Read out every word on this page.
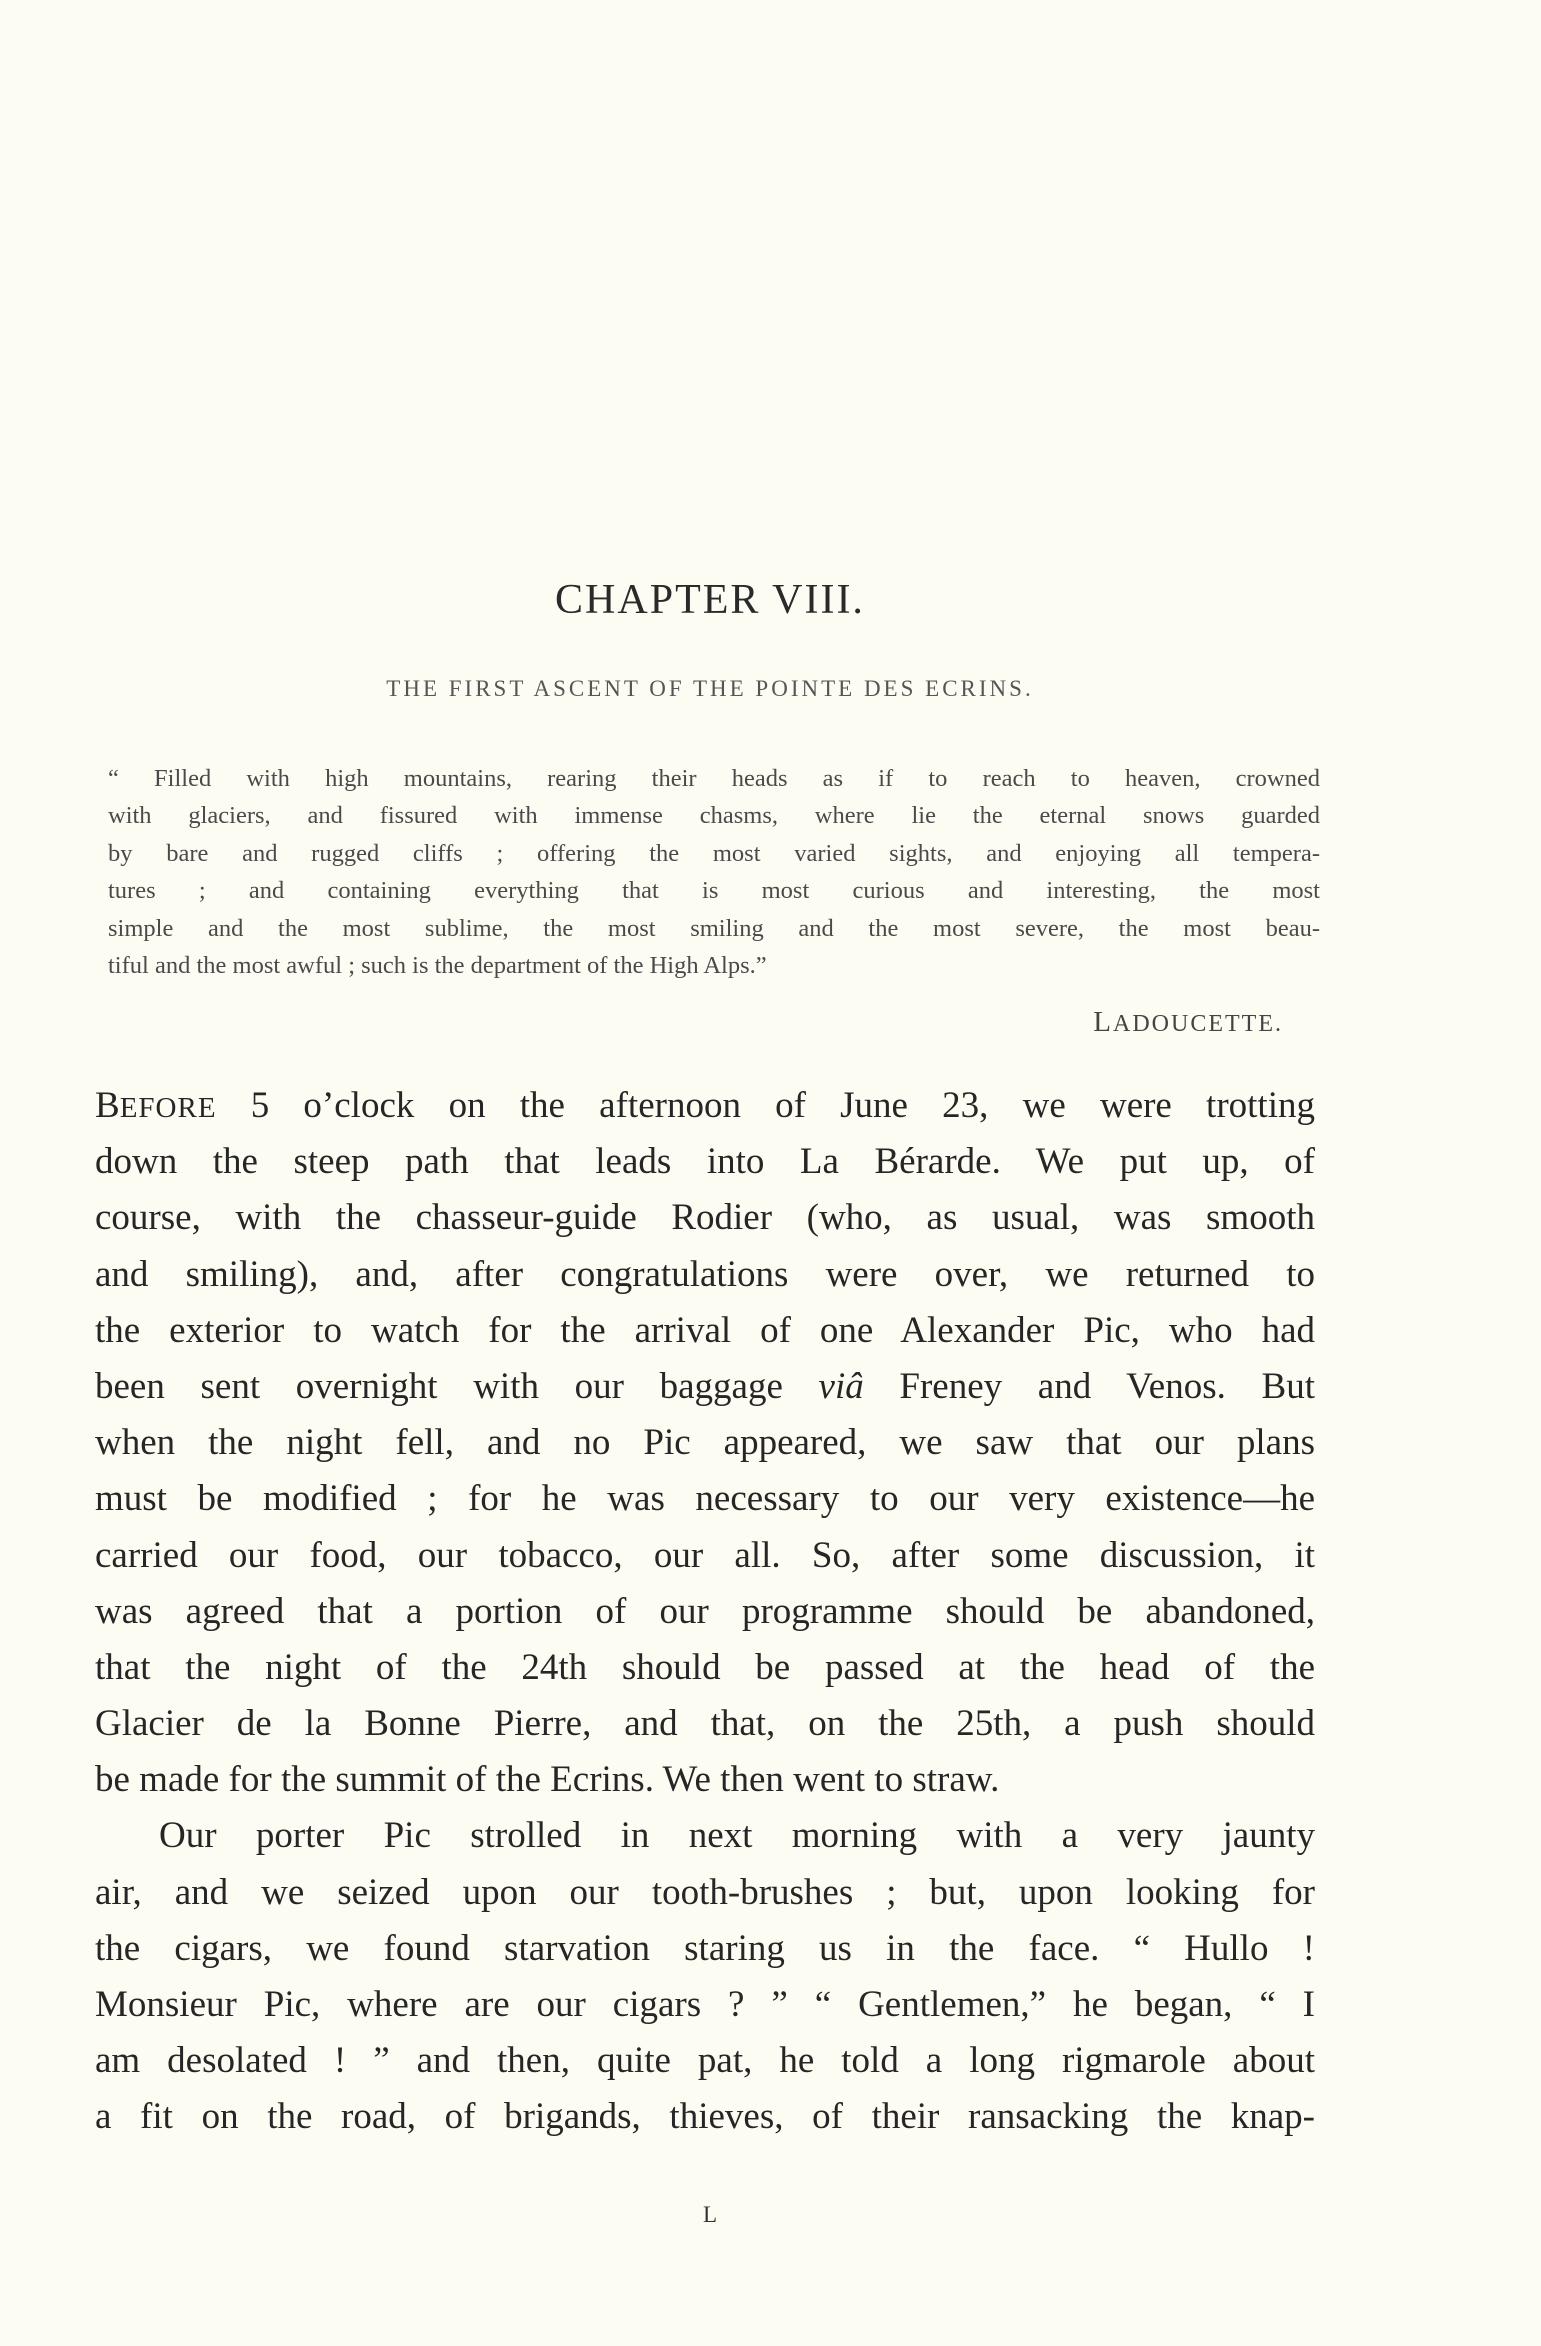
CHAPTER VIII.
THE FIRST ASCENT OF THE POINTE DES ECRINS.
“ Filled with high mountains, rearing their heads as if to reach to heaven, crowned
with glaciers, and fissured with immense chasms, where lie the eternal snows guarded
by bare and rugged cliffs ; offering the most varied sights, and enjoying all tempera-
tures ; and containing everything that is most curious and interesting, the most
simple and the most sublime, the most smiling and the most severe, the most beau-
tiful and the most awful ; such is the department of the High Alps.”
LADOUCETTE.
BEFORE 5 o’clock on the afternoon of June 23, we were trotting
down the steep path that leads into La Bérarde. We put up, of
course, with the chasseur-guide Rodier (who, as usual, was smooth
and smiling), and, after congratulations were over, we returned to
the exterior to watch for the arrival of one Alexander Pic, who had
been sent overnight with our baggage viâ Freney and Venos. But
when the night fell, and no Pic appeared, we saw that our plans
must be modified ; for he was necessary to our very existence—he
carried our food, our tobacco, our all. So, after some discussion, it
was agreed that a portion of our programme should be abandoned,
that the night of the 24th should be passed at the head of the
Glacier de la Bonne Pierre, and that, on the 25th, a push should
be made for the summit of the Ecrins. We then went to straw.
Our porter Pic strolled in next morning with a very jaunty
air, and we seized upon our tooth-brushes ; but, upon looking for
the cigars, we found starvation staring us in the face. “ Hullo !
Monsieur Pic, where are our cigars ? ” “ Gentlemen,” he began, “ I
am desolated ! ” and then, quite pat, he told a long rigmarole about
a fit on the road, of brigands, thieves, of their ransacking the knap-
L
